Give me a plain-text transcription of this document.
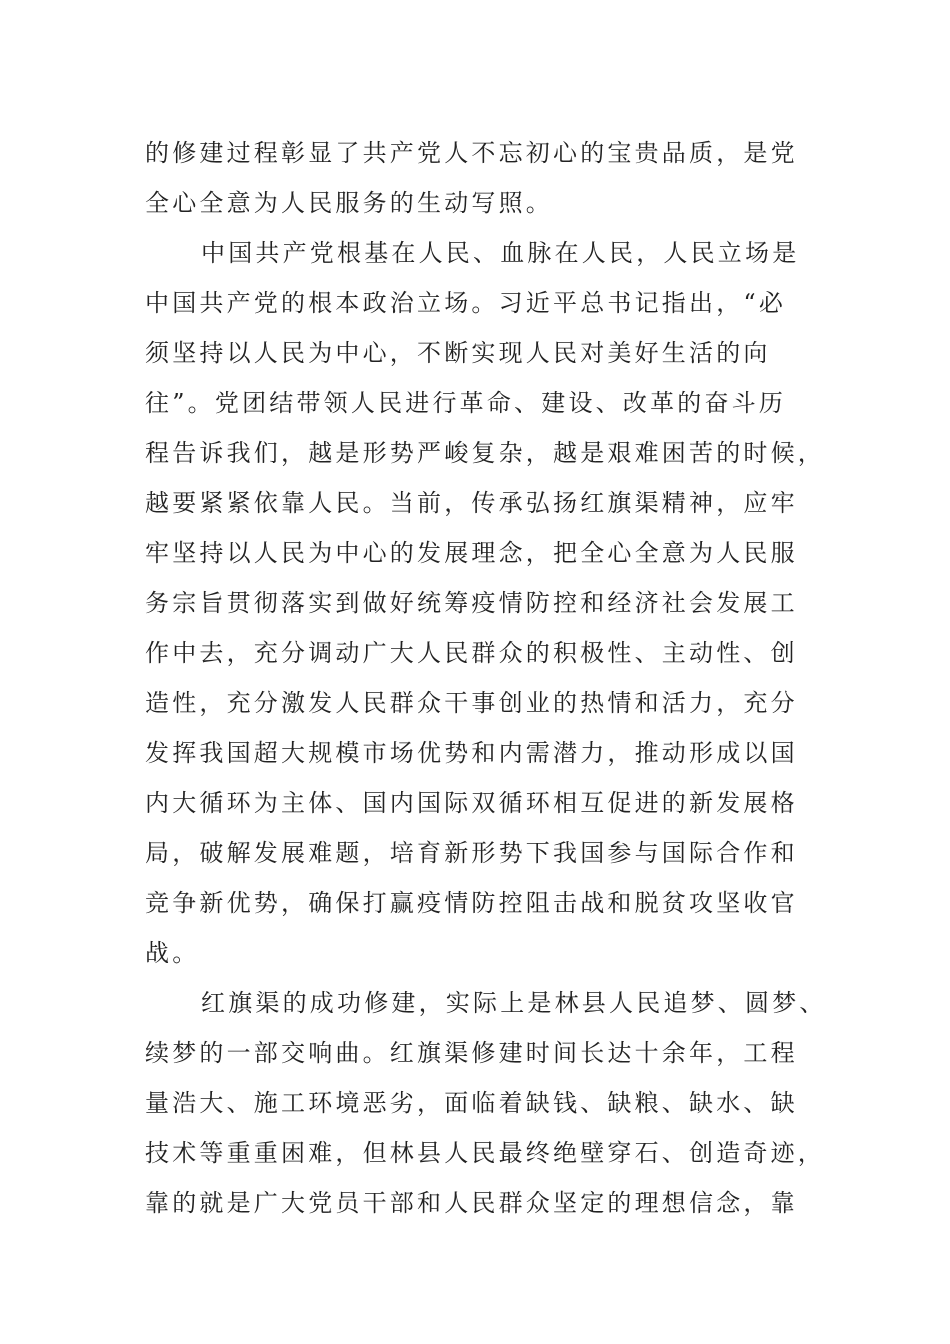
的修建过程彰显了共产党人不忘初心的宝贵品质，是党
全心全意为人民服务的生动写照。
中国共产党根基在人民、血脉在人民，人民立场是
中国共产党的根本政治立场。习近平总书记指出，“必
须坚持以人民为中心，不断实现人民对美好生活的向
往”。党团结带领人民进行革命、建设、改革的奋斗历
程告诉我们，越是形势严峻复杂，越是艰难困苦的时候，
越要紧紧依靠人民。当前，传承弘扬红旗渠精神，应牢
牢坚持以人民为中心的发展理念，把全心全意为人民服
务宗旨贯彻落实到做好统筹疫情防控和经济社会发展工
作中去，充分调动广大人民群众的积极性、主动性、创
造性，充分激发人民群众干事创业的热情和活力，充分
发挥我国超大规模市场优势和内需潜力，推动形成以国
内大循环为主体、国内国际双循环相互促进的新发展格
局，破解发展难题，培育新形势下我国参与国际合作和
竞争新优势，确保打赢疫情防控阻击战和脱贫攻坚收官
战。
红旗渠的成功修建，实际上是林县人民追梦、圆梦、
续梦的一部交响曲。红旗渠修建时间长达十余年，工程
量浩大、施工环境恶劣，面临着缺钱、缺粮、缺水、缺
技术等重重困难，但林县人民最终绝壁穿石、创造奇迹，
靠的就是广大党员干部和人民群众坚定的理想信念，靠
